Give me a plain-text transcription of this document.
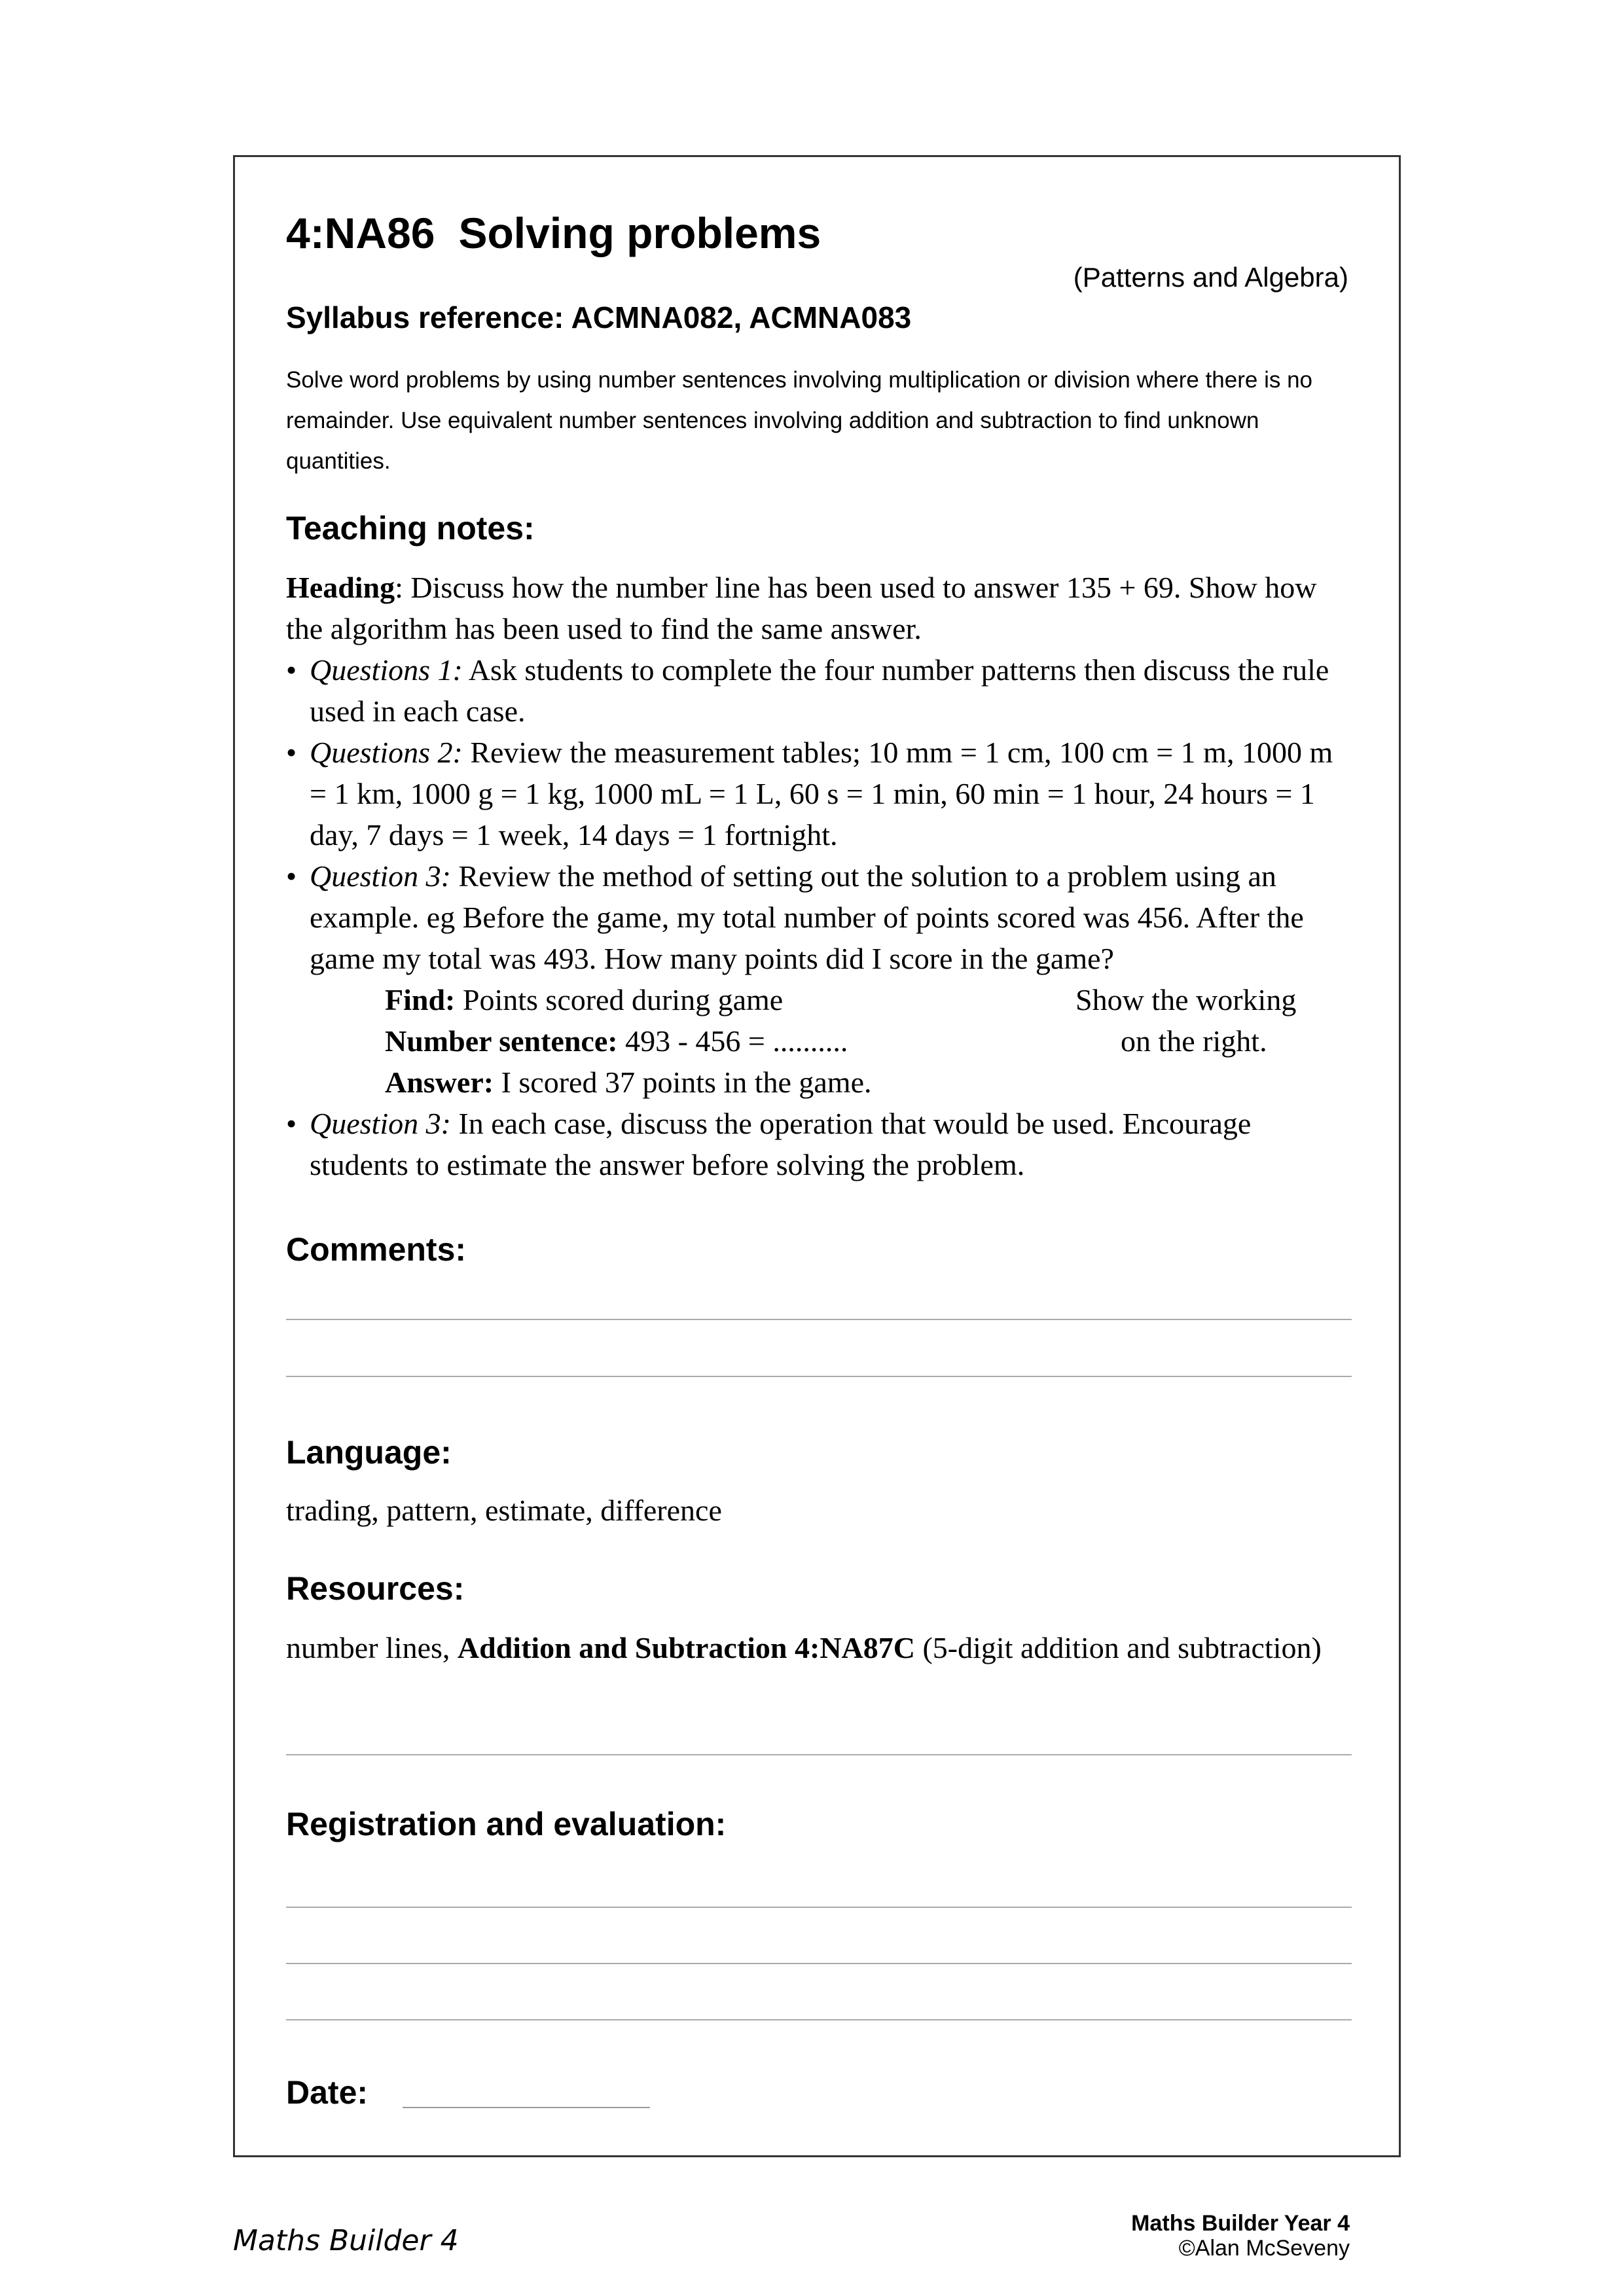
4:NA86 Solving problems
(Patterns and Algebra)
Syllabus reference: ACMNA082, ACMNA083
Solve word problems by using number sentences involving multiplication or division where there is no remainder. Use equivalent number sentences involving addition and subtraction to find unknown quantities.
Teaching notes:

Heading: Discuss how the number line has been used to answer 135 + 69. Show how the algorithm has been used to find the same answer.

• Questions 1: Ask students to complete the four number patterns then discuss the rule used in each case.

• Questions 2: Review the measurement tables; 10 mm = 1 cm, 100 cm = 1 m, 1000 m = 1 km, 1000 g = 1 kg, 1000 mL = 1 L, 60 s = 1 min, 60 min = 1 hour, 24 hours = 1 day, 7 days = 1 week, 14 days = 1 fortnight.

• Question 3: Review the method of setting out the solution to a problem using an example. eg Before the game, my total number of points scored was 456. After the game my total was 493. How many points did I score in the game?

Find: Points scored during game	Show the working

Number sentence: 493 - 456 = ..........	on the right.

Answer: I scored 37 points in the game.

• Question 3: In each case, discuss the operation that would be used. Encourage students to estimate the answer before solving the problem.

Comments:
Language:
trading, pattern, estimate, difference
Resources:
number lines, Addition and Subtraction 4:NA87C (5-digit addition and subtraction)
Registration and evaluation:
Date:
Maths Builder 4
Maths Builder Year 4
©Alan McSeveny
